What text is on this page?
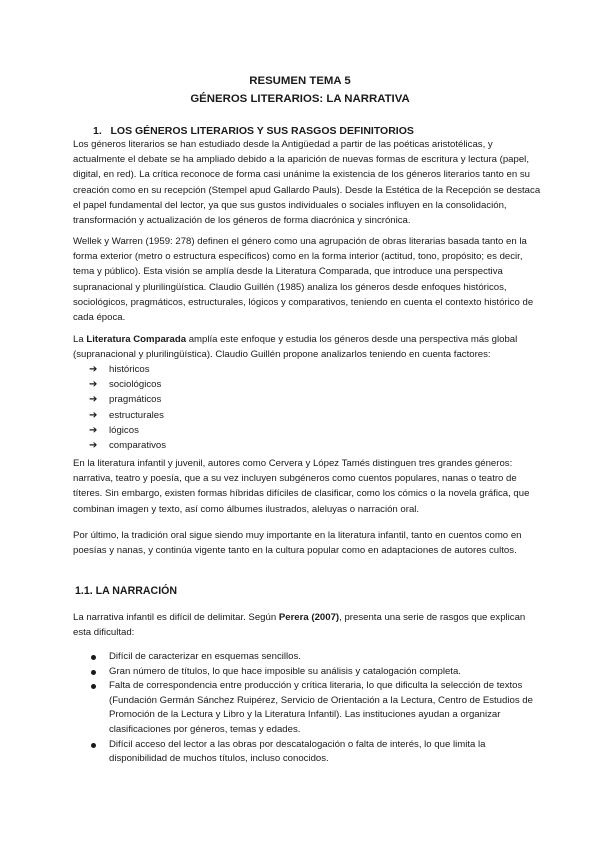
RESUMEN TEMA 5
GÉNEROS LITERARIOS: LA NARRATIVA
1.   LOS GÉNEROS LITERARIOS Y SUS RASGOS DEFINITORIOS

Los géneros literarios se han estudiado desde la Antigüedad a partir de las poéticas aristotélicas, y actualmente el debate se ha ampliado debido a la aparición de nuevas formas de escritura y lectura (papel, digital, en red). La crítica reconoce de forma casi unánime la existencia de los géneros literarios tanto en su creación como en su recepción (Stempel apud Gallardo Pauls). Desde la Estética de la Recepción se destaca el papel fundamental del lector, ya que sus gustos individuales o sociales influyen en la consolidación, transformación y actualización de los géneros de forma diacrónica y sincrónica.

Wellek y Warren (1959: 278) definen el género como una agrupación de obras literarias basada tanto en la forma exterior (metro o estructura específicos) como en la forma interior (actitud, tono, propósito; es decir, tema y público). Esta visión se amplía desde la Literatura Comparada, que introduce una perspectiva supranacional y plurilingüística. Claudio Guillén (1985) analiza los géneros desde enfoques históricos, sociológicos, pragmáticos, estructurales, lógicos y comparativos, teniendo en cuenta el contexto histórico de cada época.

La Literatura Comparada amplía este enfoque y estudia los géneros desde una perspectiva más global (supranacional y plurilingüística). Claudio Guillén propone analizarlos teniendo en cuenta factores:

➔ históricos
➔ sociológicos
➔ pragmáticos
➔ estructurales
➔ lógicos
➔ comparativos

En la literatura infantil y juvenil, autores como Cervera y López Tamés distinguen tres grandes géneros: narrativa, teatro y poesía, que a su vez incluyen subgéneros como cuentos populares, nanas o teatro de títeres. Sin embargo, existen formas híbridas difíciles de clasificar, como los cómics o la novela gráfica, que combinan imagen y texto, así como álbumes ilustrados, aleluyas o narración oral.

Por último, la tradición oral sigue siendo muy importante en la literatura infantil, tanto en cuentos como en poesías y nanas, y continúa vigente tanto en la cultura popular como en adaptaciones de autores cultos.

1.1. LA NARRACIÓN

La narrativa infantil es difícil de delimitar. Según Perera (2007), presenta una serie de rasgos que explican esta dificultad:

Difícil de caracterizar en esquemas sencillos.
Gran número de títulos, lo que hace imposible su análisis y catalogación completa.
Falta de correspondencia entre producción y crítica literaria, lo que dificulta la selección de textos (Fundación Germán Sánchez Ruipérez, Servicio de Orientación a la Lectura, Centro de Estudios de Promoción de la Lectura y Libro y la Literatura Infantil). Las instituciones ayudan a organizar clasificaciones por géneros, temas y edades.
Difícil acceso del lector a las obras por descatalogación o falta de interés, lo que limita la disponibilidad de muchos títulos, incluso conocidos.
